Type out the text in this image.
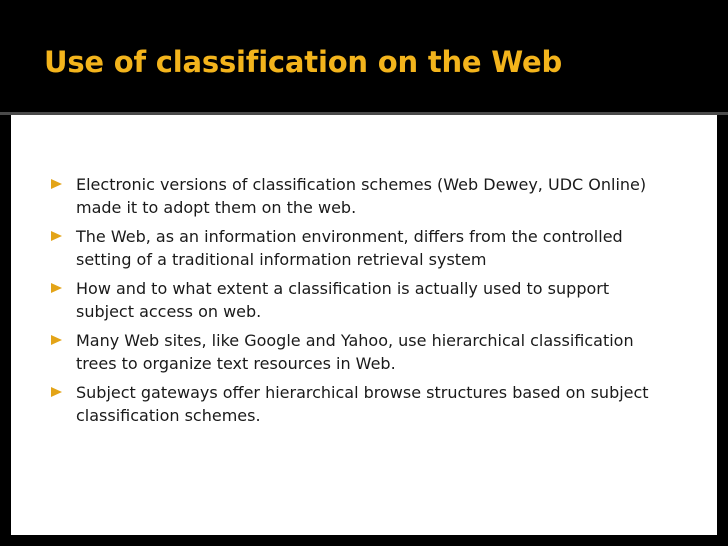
Use of classification on the Web
Electronic versions of classification schemes (Web Dewey, UDC Online)
made it to adopt them on the web.
The Web, as an information environment, differs from the controlled
setting of a traditional information retrieval system
How and to what extent a classification is actually used to support
subject access on web.
Many Web sites, like Google and Yahoo, use hierarchical classification
trees to organize text resources in Web.
Subject gateways offer hierarchical browse structures based on subject
classification schemes.
